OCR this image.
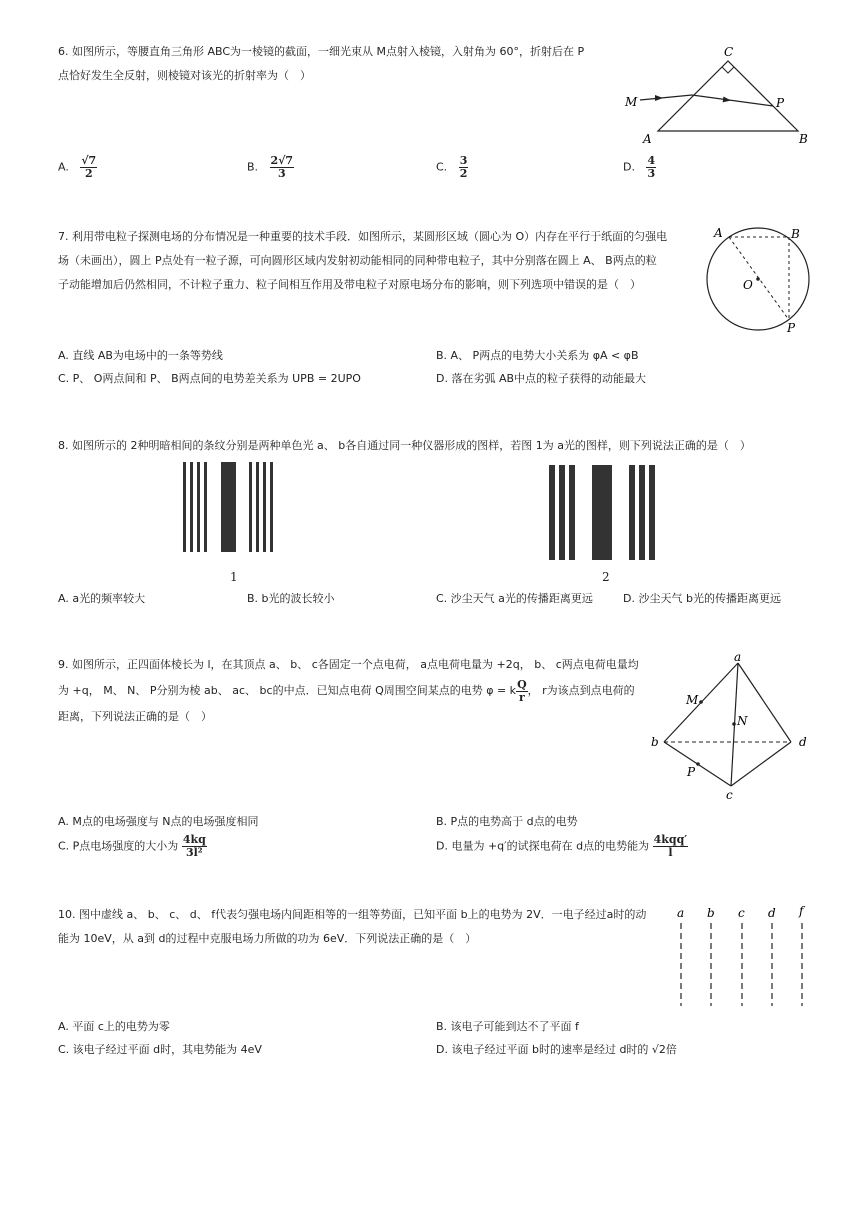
6. 如图所示，等腰直角三角形 ABC为一棱镜的截面，一细光束从 M点射入棱镜，入射角为 60°，折射后在 P
点恰好发生全反射，则棱镜对该光的折射率为（　）
C
M	P
A	B
A. $\frac{√7}{2}$	B. $\frac{2√7}{3}$	C. $\frac{3}{2}$	D. $\frac{4}{3}$
7. 利用带电粒子探测电场的分布情况是一种重要的技术手段．如图所示，某圆形区域（圆心为 O）内存在平行于纸面的匀强电
场（未画出），圆上 P点处有一粒子源，可向圆形区域内发射初动能相同的同种带电粒子，其中分别落在圆上 A、 B两点的粒
子动能增加后仍然相同，不计粒子重力、粒子间相互作用及带电粒子对原电场分布的影响，则下列选项中错误的是（　）
A	B
O
P
A. 直线 AB为电场中的一条等势线	B. A、 P两点的电势大小关系为 φA < φB
C. P、 O两点间和 P、 B两点间的电势差关系为 UPB = 2UPO	D. 落在劣弧 AB中点的粒子获得的动能最大
8. 如图所示的 2种明暗相间的条纹分别是两种单色光 a、 b各自通过同一种仪器形成的图样，若图 1为 a光的图样，则下列说法正确的是（　）
1	2
A. a光的频率较大	B. b光的波长较小	C. 沙尘天气 a光的传播距离更远	D. 沙尘天气 b光的传播距离更远
9. 如图所示，正四面体棱长为 l，在其顶点 a、 b、 c各固定一个点电荷， a点电荷电量为 +2q， b、 c两点电荷电量均
为 +q， M、 N、 P分别为棱 ab、 ac、 bc的中点．已知点电荷 Q周围空间某点的电势 φ = k $\frac{Q}{r}$ ， r为该点到点电荷的
距离，下列说法正确的是（　）
a
M
N
b	d
P
c
A. M点的电场强度与 N点的电场强度相同	B. P点的电势高于 d点的电势
C. P点电场强度的大小为 $\frac{4kq}{\text{3l²}}$	D. 电量为 +q′的试探电荷在 d点的电势能为 $\frac{\text{4kqq′}}{l}$
10. 图中虚线 a、 b、 c、 d、 f代表匀强电场内间距相等的一组等势面，已知平面 b上的电势为 2V．一电子经过a时的动
能为 10eV，从 a到 d的过程中克服电场力所做的功为 6eV．下列说法正确的是（　）
a b c d f
A. 平面 c上的电势为零	B. 该电子可能到达不了平面 f
C. 该电子经过平面 d时，其电势能为 4eV	D. 该电子经过平面 b时的速率是经过 d时的 √2倍
